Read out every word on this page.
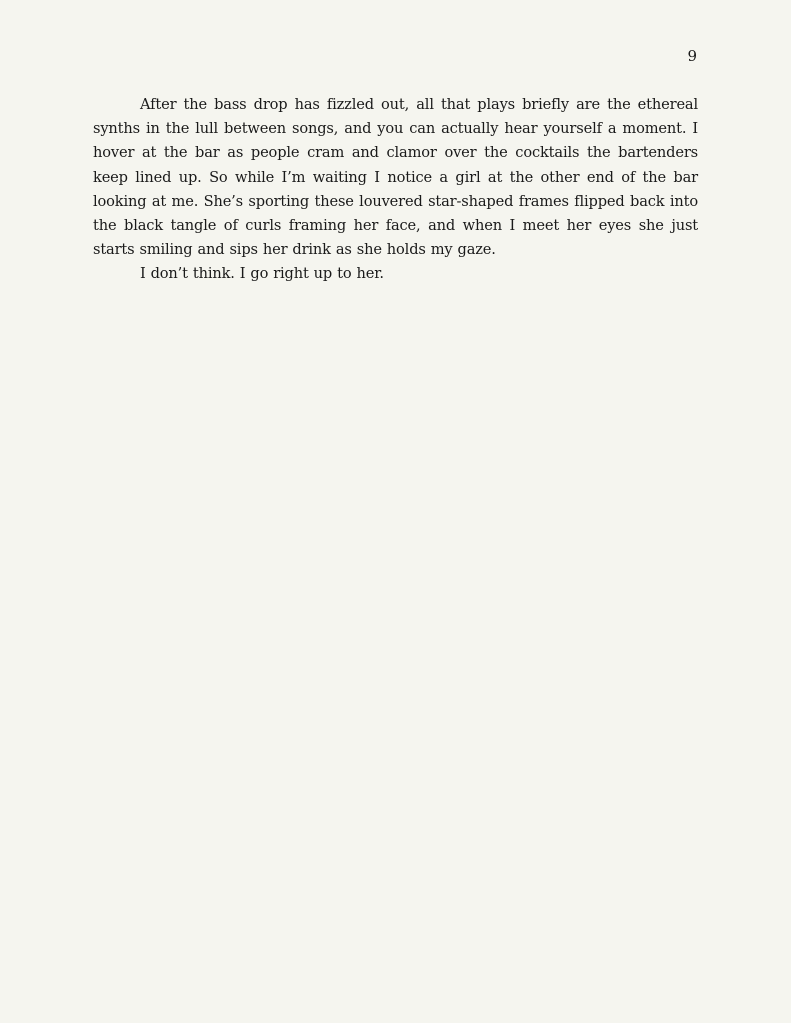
9

After the bass drop has fizzled out, all that plays briefly are the ethereal synths in the lull between songs, and you can actually hear yourself a moment. I hover at the bar as people cram and clamor over the cocktails the bartenders keep lined up. So while I’m waiting I notice a girl at the other end of the bar looking at me. She’s sporting these louvered star-shaped frames flipped back into the black tangle of curls framing her face, and when I meet her eyes she just starts smiling and sips her drink as she holds my gaze.

I don’t think. I go right up to her.
